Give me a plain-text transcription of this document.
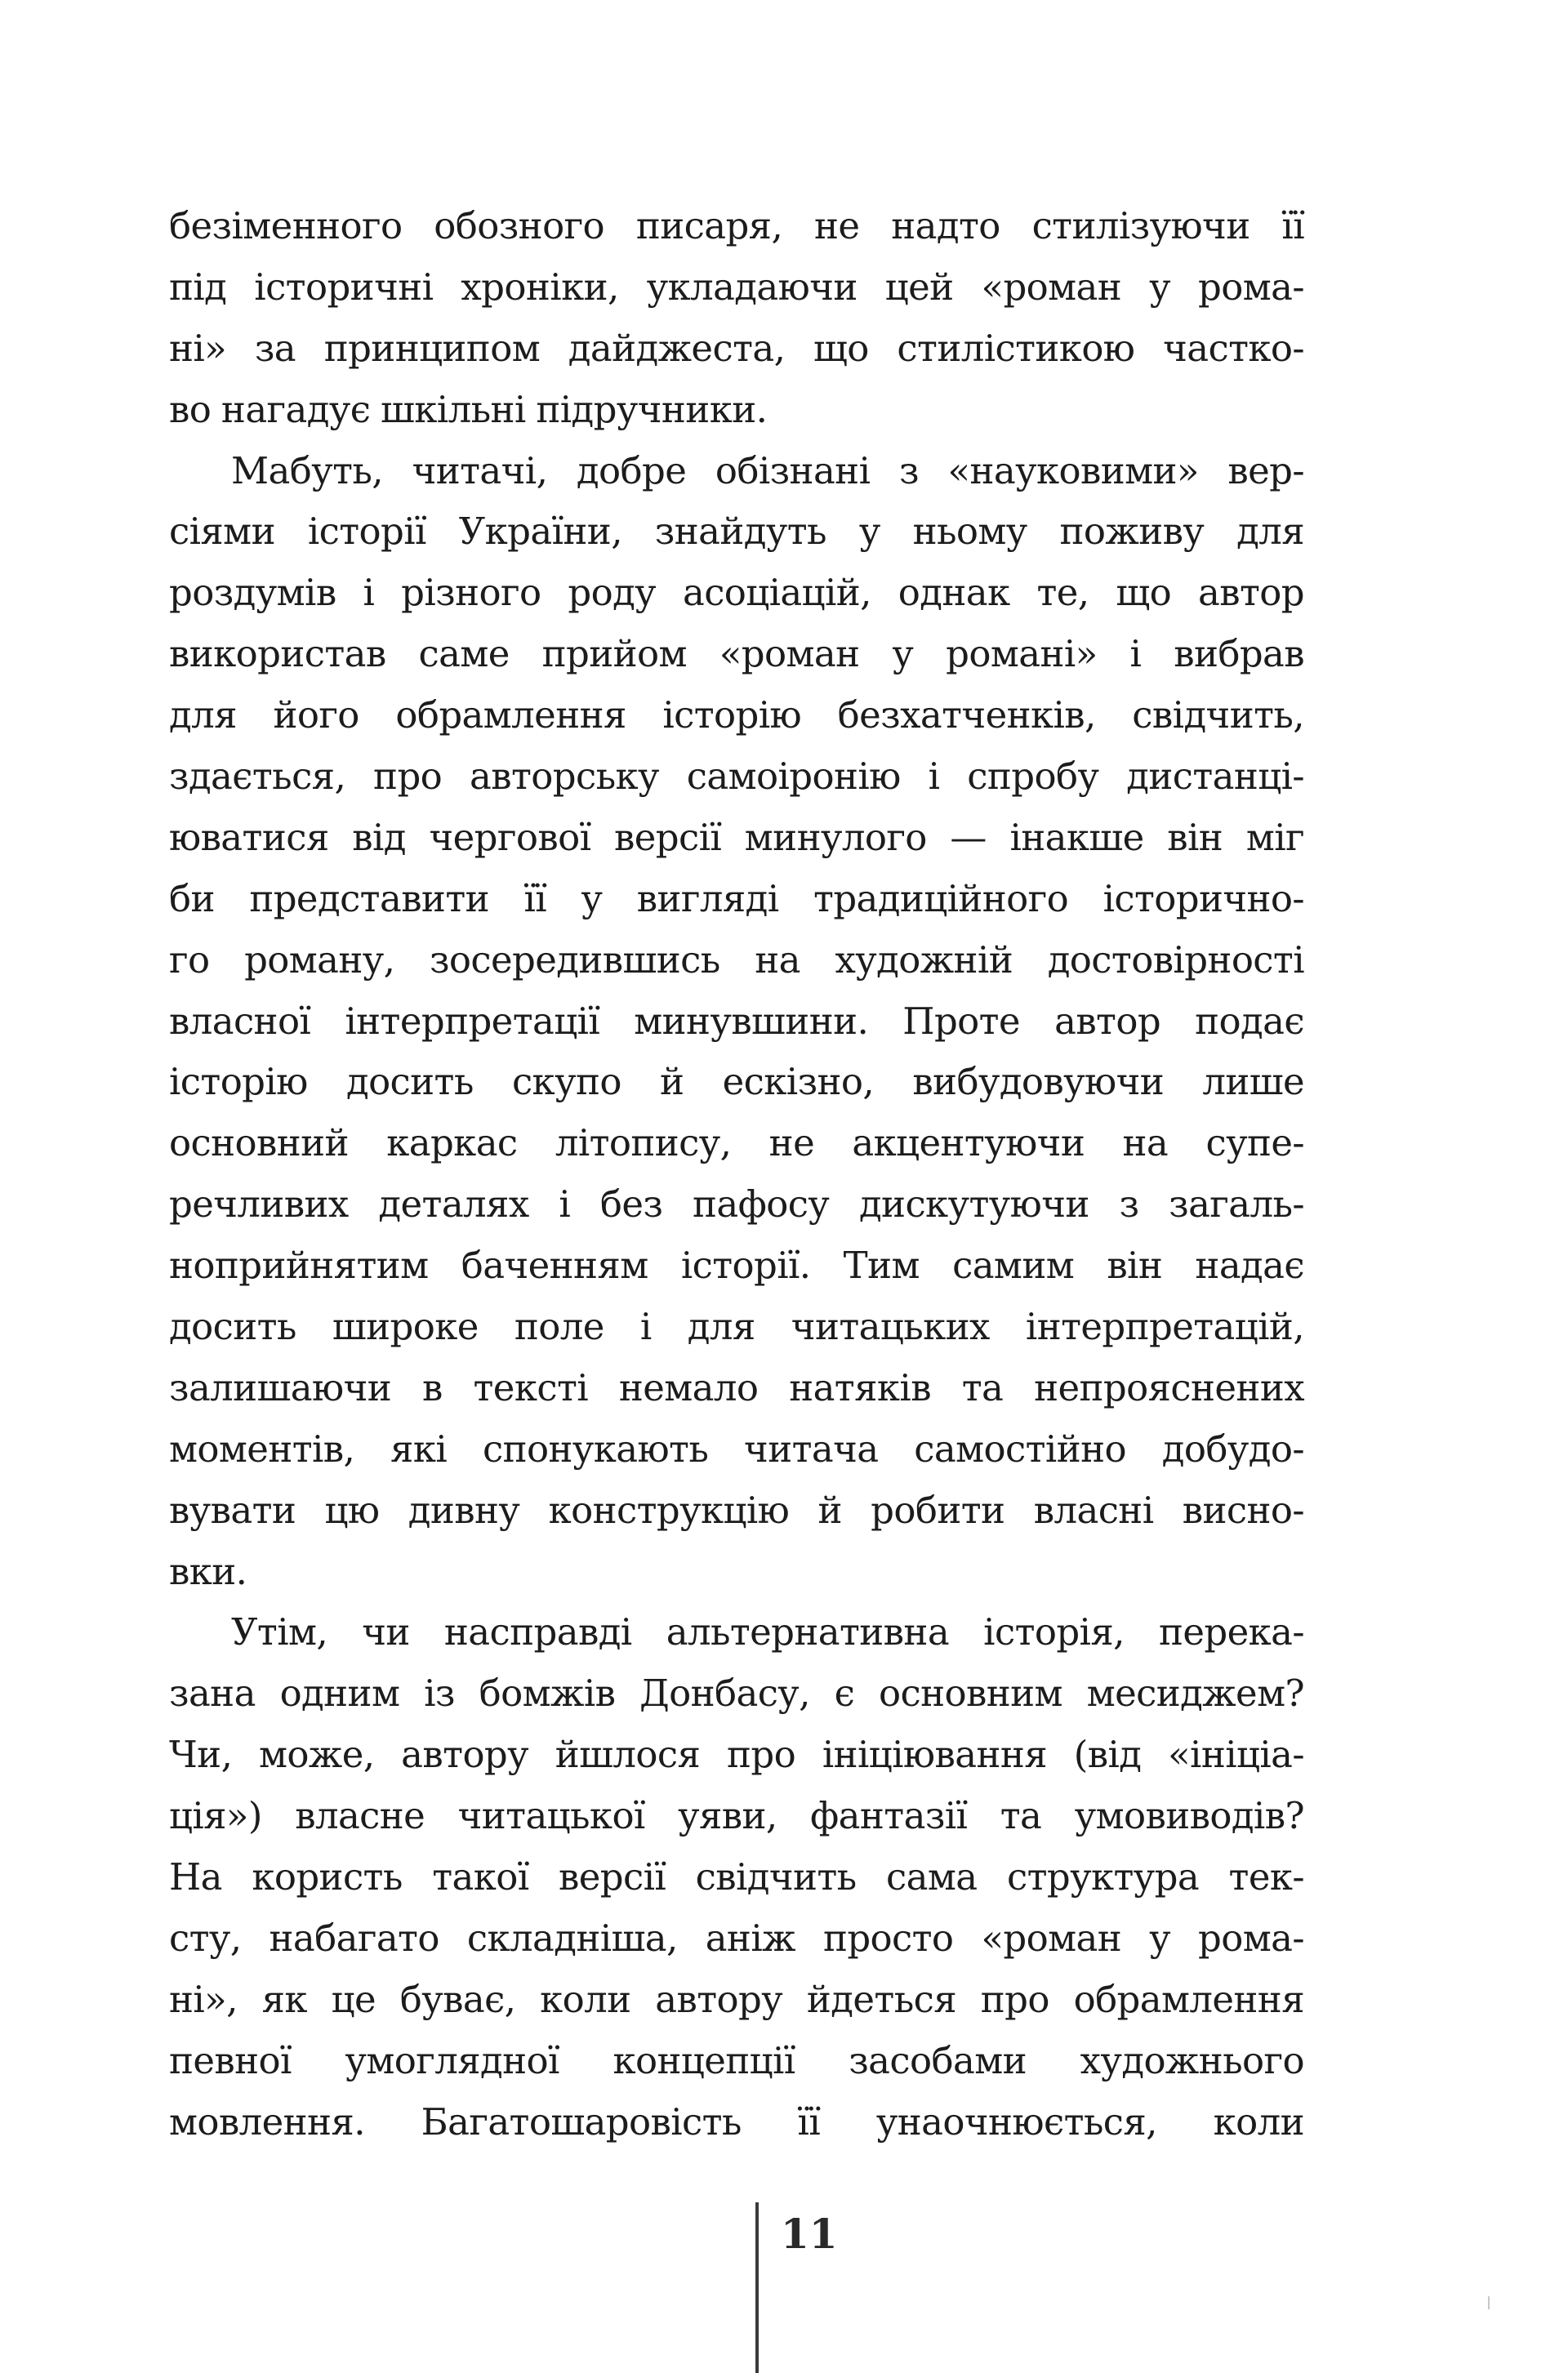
безіменного обозного писаря, не надто стилізуючи її
під історичні хроніки, укладаючи цей «роман у рома-
ні» за принципом дайджеста, що стилістикою частко-
во нагадує шкільні підручники.
Мабуть, читачі, добре обізнані з «науковими» вер-
сіями історії України, знайдуть у ньому поживу для
роздумів і різного роду асоціацій, однак те, що автор
використав саме прийом «роман у романі» і вибрав
для його обрамлення історію безхатченків, свідчить,
здається, про авторську самоіронію і спробу дистанці-
юватися від чергової версії минулого — інакше він міг
би представити її у вигляді традиційного історично-
го роману, зосередившись на художній достовірності
власної інтерпретації минувшини. Проте автор подає
історію досить скупо й ескізно, вибудовуючи лише
основний каркас літопису, не акцентуючи на супе-
речливих деталях і без пафосу дискутуючи з загаль-
ноприйнятим баченням історії. Тим самим він надає
досить широке поле і для читацьких інтерпретацій,
залишаючи в тексті немало натяків та непрояснених
моментів, які спонукають читача самостійно добудо-
вувати цю дивну конструкцію й робити власні висно-
вки.
Утім, чи насправді альтернативна історія, перека-
зана одним із бомжів Донбасу, є основним месиджем?
Чи, може, автору йшлося про ініціювання (від «ініціа-
ція») власне читацької уяви, фантазії та умовиводів?
На користь такої версії свідчить сама структура тек-
сту, набагато складніша, аніж просто «роман у рома-
ні», як це буває, коли автору йдеться про обрамлення
певної умоглядної концепції засобами художнього
мовлення. Багатошаровість її унаочнюється, коли
11
